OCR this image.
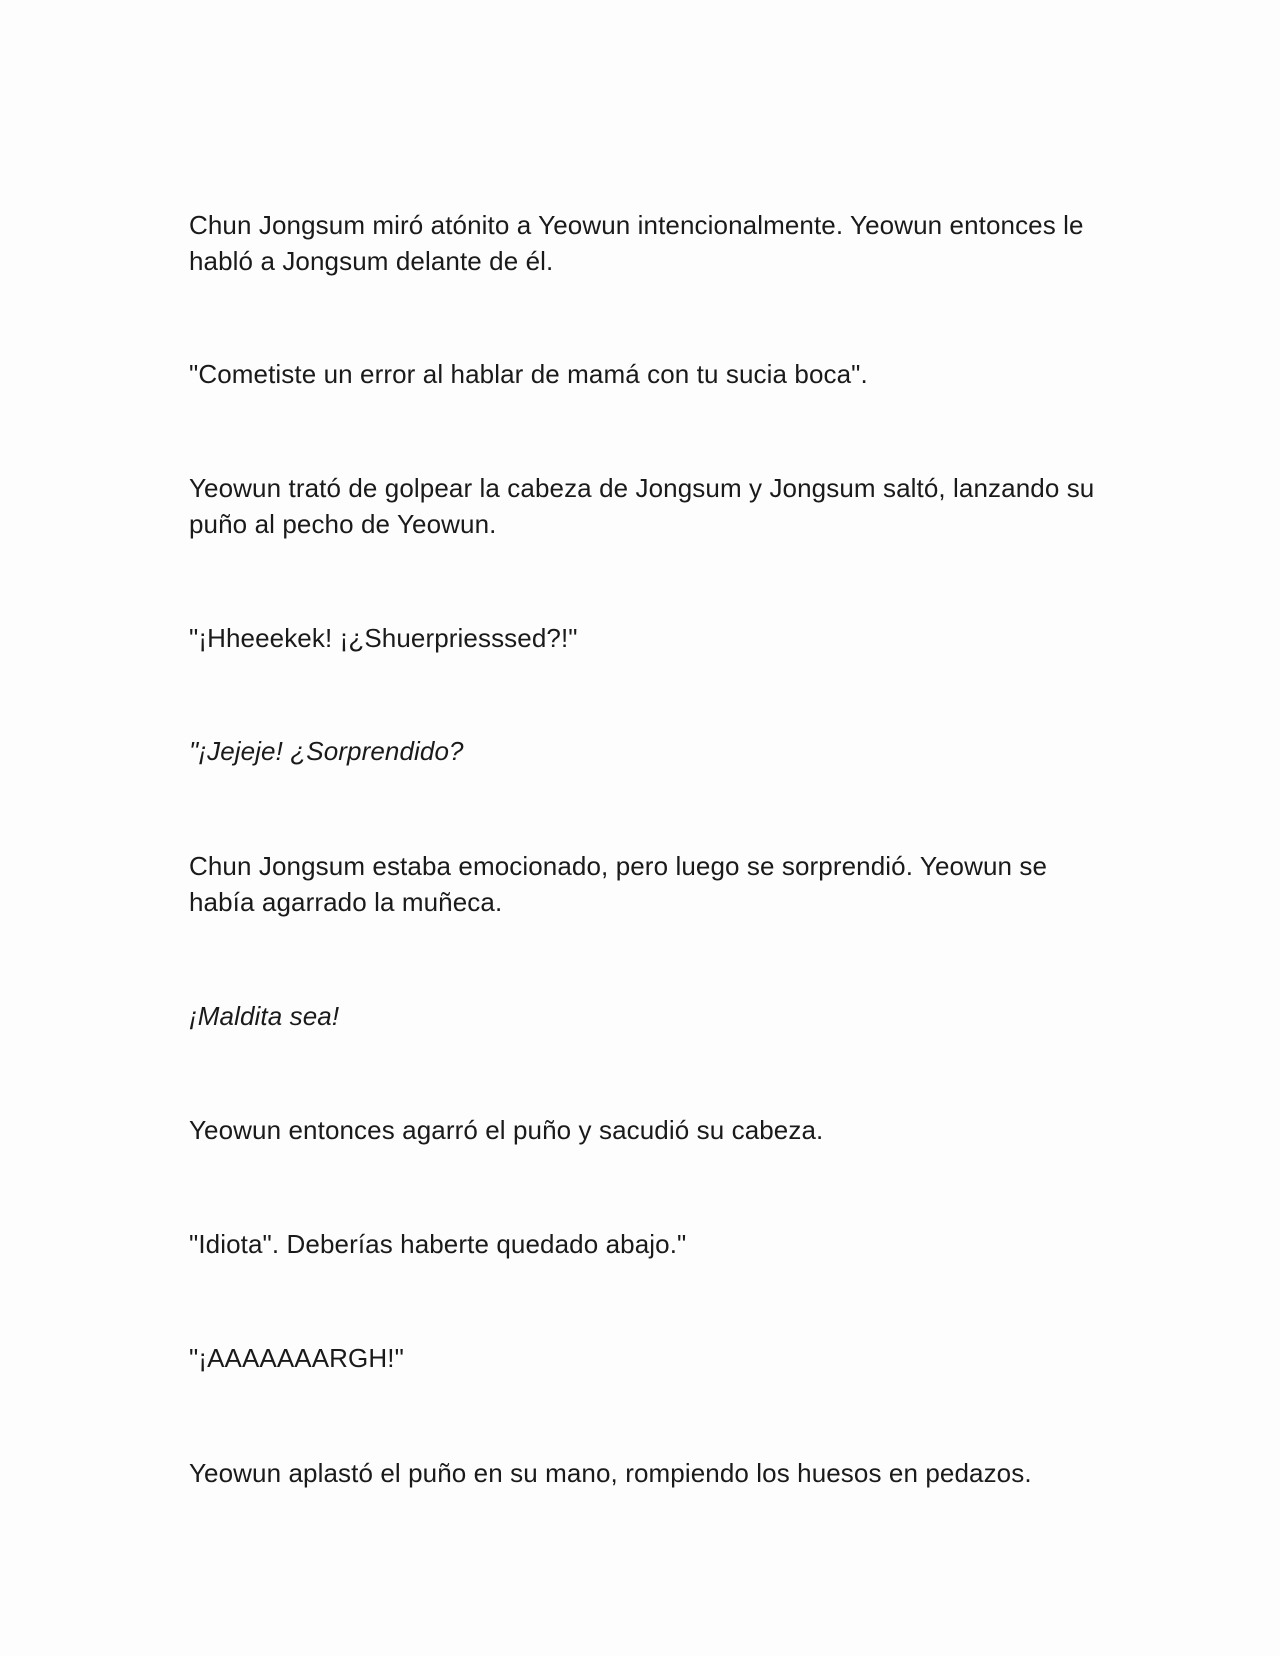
Chun Jongsum miró atónito a Yeowun intencionalmente. Yeowun entonces le habló a Jongsum delante de él.

"Cometiste un error al hablar de mamá con tu sucia boca".

Yeowun trató de golpear la cabeza de Jongsum y Jongsum saltó, lanzando su puño al pecho de Yeowun.

"¡Hheeekek! ¡¿Shuerpriesssed?!"

"¡Jejeje! ¿Sorprendido?

Chun Jongsum estaba emocionado, pero luego se sorprendió. Yeowun se había agarrado la muñeca.

¡Maldita sea!

Yeowun entonces agarró el puño y sacudió su cabeza.

"Idiota". Deberías haberte quedado abajo."

"¡AAAAAAARGH!"

Yeowun aplastó el puño en su mano, rompiendo los huesos en pedazos.
